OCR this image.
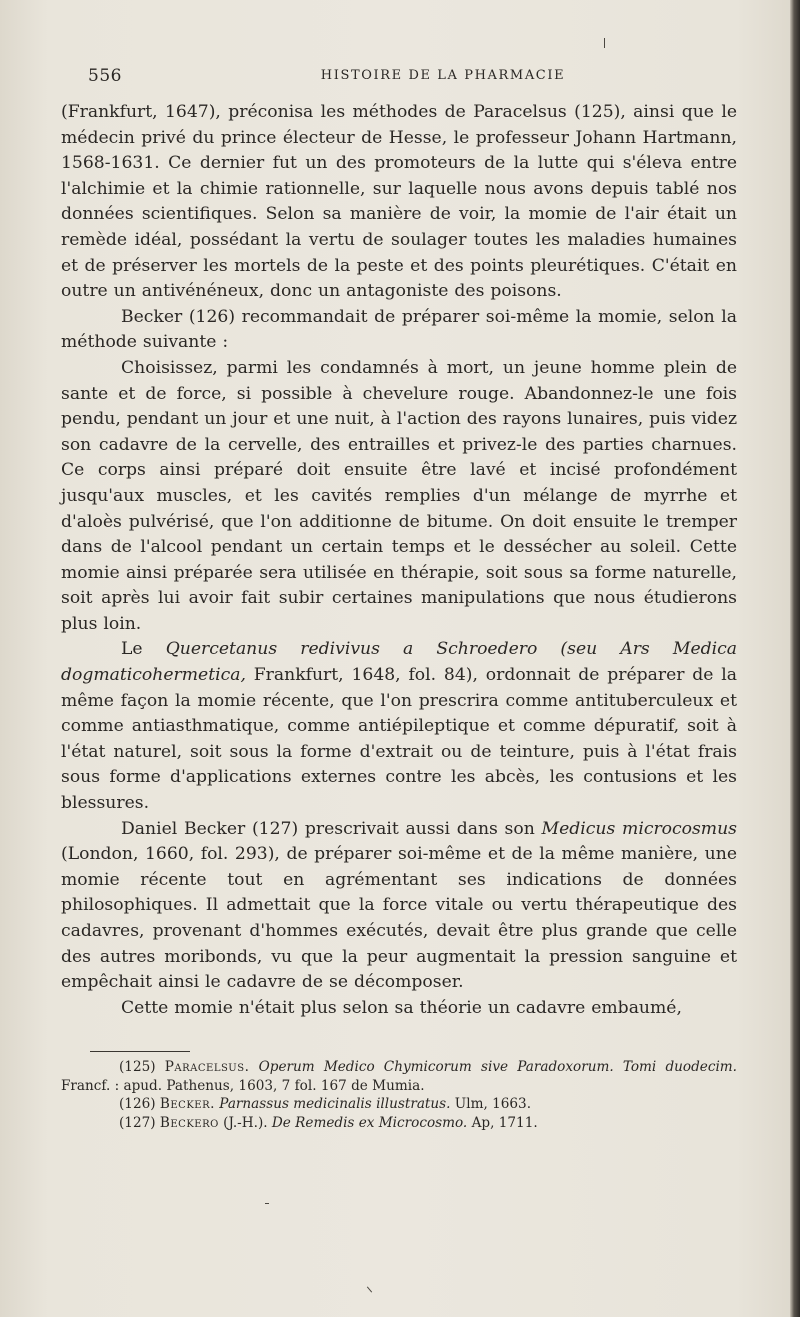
556	HISTOIRE DE LA PHARMACIE

(Frankfurt, 1647), préconisa les méthodes de Paracelsus (125), ainsi que le médecin privé du prince électeur de Hesse, le professeur Johann Hartmann, 1568-1631. Ce dernier fut un des promoteurs de la lutte qui s'éleva entre l'alchimie et la chimie rationnelle, sur laquelle nous avons depuis tablé nos données scientifiques. Selon sa manière de voir, la momie de l'air était un remède idéal, possédant la vertu de soulager toutes les maladies humaines et de préserver les mortels de la peste et des points pleurétiques. C'était en outre un antivénéneux, donc un antagoniste des poisons.

Becker (126) recommandait de préparer soi-même la momie, selon la méthode suivante :

Choisissez, parmi les condamnés à mort, un jeune homme plein de sante et de force, si possible à chevelure rouge. Abandonnez-le une fois pendu, pendant un jour et une nuit, à l'action des rayons lunaires, puis videz son cadavre de la cervelle, des entrailles et privez-le des parties charnues. Ce corps ainsi préparé doit ensuite être lavé et incisé profondément jusqu'aux muscles, et les cavités remplies d'un mélange de myrrhe et d'aloès pulvérisé, que l'on additionne de bitume. On doit ensuite le tremper dans de l'alcool pendant un certain temps et le dessécher au soleil. Cette momie ainsi préparée sera utilisée en thérapie, soit sous sa forme naturelle, soit après lui avoir fait subir certaines manipulations que nous étudierons plus loin.

Le Quercetanus redivivus a Schroedero (seu Ars Medica dogmaticohermetica, Frankfurt, 1648, fol. 84), ordonnait de préparer de la même façon la momie récente, que l'on prescrira comme antituberculeux et comme antiasthmatique, comme antiépileptique et comme dépuratif, soit à l'état naturel, soit sous la forme d'extrait ou de teinture, puis à l'état frais sous forme d'applications externes contre les abcès, les contusions et les blessures.

Daniel Becker (127) prescrivait aussi dans son Medicus microcosmus (London, 1660, fol. 293), de préparer soi-même et de la même manière, une momie récente tout en agrémentant ses indications de données philosophiques. Il admettait que la force vitale ou vertu thérapeutique des cadavres, provenant d'hommes exécutés, devait être plus grande que celle des autres moribonds, vu que la peur augmentait la pression sanguine et empêchait ainsi le cadavre de se décomposer.

Cette momie n'était plus selon sa théorie un cadavre embaumé,

(125) Paracelsus. Operum Medico Chymicorum sive Paradoxorum. Tomi duodecim. Francf. : apud. Pathenus, 1603, 7 fol. 167 de Mumia.

(126) Becker. Parnassus medicinalis illustratus. Ulm, 1663.

(127) Beckero (J.-H.). De Remedis ex Microcosmo. Ap, 1711.
